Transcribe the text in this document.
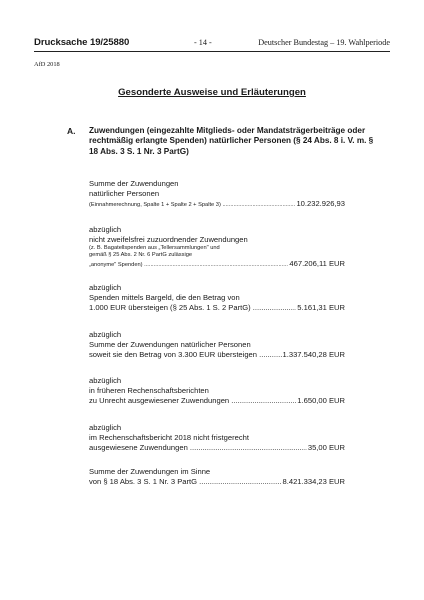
Drucksache 19/25880	- 14 -	Deutscher Bundestag – 19. Wahlperiode
AfD 2018
Gesonderte Ausweise und Erläuterungen
A. Zuwendungen (eingezahlte Mitglieds- oder Mandatsträgerbeiträge oder rechtmäßig erlangte Spenden) natürlicher Personen (§ 24 Abs. 8 i. V. m. § 18 Abs. 3 S. 1 Nr. 3 PartG)
Summe der Zuwendungen
natürlicher Personen
(Einnahmerechnung, Spalte 1 + Spalte 2 + Spalte 3) .....	10.232.926,93
abzüglich
nicht zweifelsfrei zuzuordnender Zuwendungen
(z. B. Bagatellspenden aus „Tellersammlungen" und
gemäß § 25 Abs. 2 Nr. 6 PartG zulässige
„anonyme" Spenden) .....	467.206,11 EUR
abzüglich
Spenden mittels Bargeld, die den Betrag von
1.000 EUR übersteigen (§ 25 Abs. 1 S. 2 PartG) .....	5.161,31 EUR
abzüglich
Summe der Zuwendungen natürlicher Personen
soweit sie den Betrag von 3.300 EUR übersteigen .....	1.337.540,28 EUR
abzüglich
in früheren Rechenschaftsberichten
zu Unrecht ausgewiesener Zuwendungen .....	1.650,00 EUR
abzüglich
im Rechenschaftsbericht 2018 nicht fristgerecht
ausgewiesene Zuwendungen .....	35,00 EUR
Summe der Zuwendungen im Sinne
von § 18 Abs. 3 S. 1 Nr. 3 PartG .....	8.421.334,23 EUR
